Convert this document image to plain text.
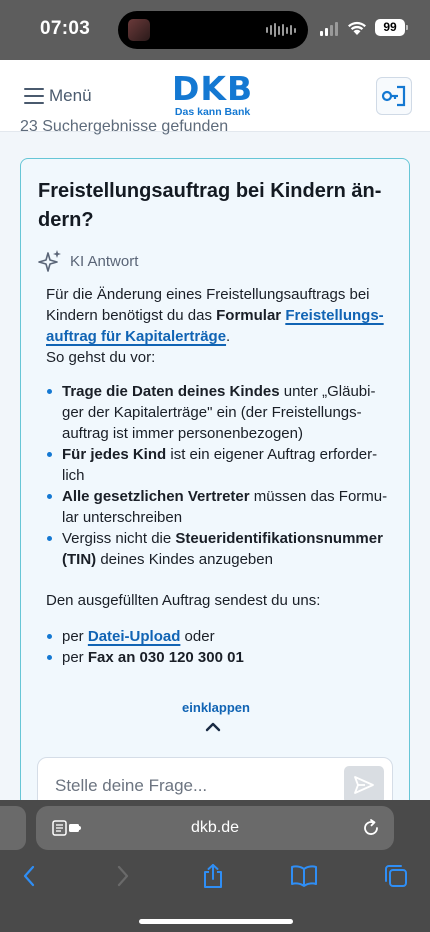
07:03	99
Menü DKB
Das kann Bank
23 Suchergebnisse gefunden
Freistellungsauftrag bei Kindern än-dern?
KI Antwort
Für die Änderung eines Freistellungsauftrags bei Kindern benötigst du das Formular Freistellungs-auftrag für Kapitalerträge.
So gehst du vor:
Trage die Daten deines Kindes unter „Gläubi-ger der Kapitalerträge" ein (der Freistellungs-auftrag ist immer personenbezogen)
Für jedes Kind ist ein eigener Auftrag erforder-lich
Alle gesetzlichen Vertreter müssen das Formu-lar unterschreiben
Vergiss nicht die Steueridentifikationsnummer (TIN) deines Kindes anzugeben
Den ausgefüllten Auftrag sendest du uns:
per Datei-Upload oder
per Fax an 030 120 300 01
einklappen
Stelle deine Frage...
dkb.de
